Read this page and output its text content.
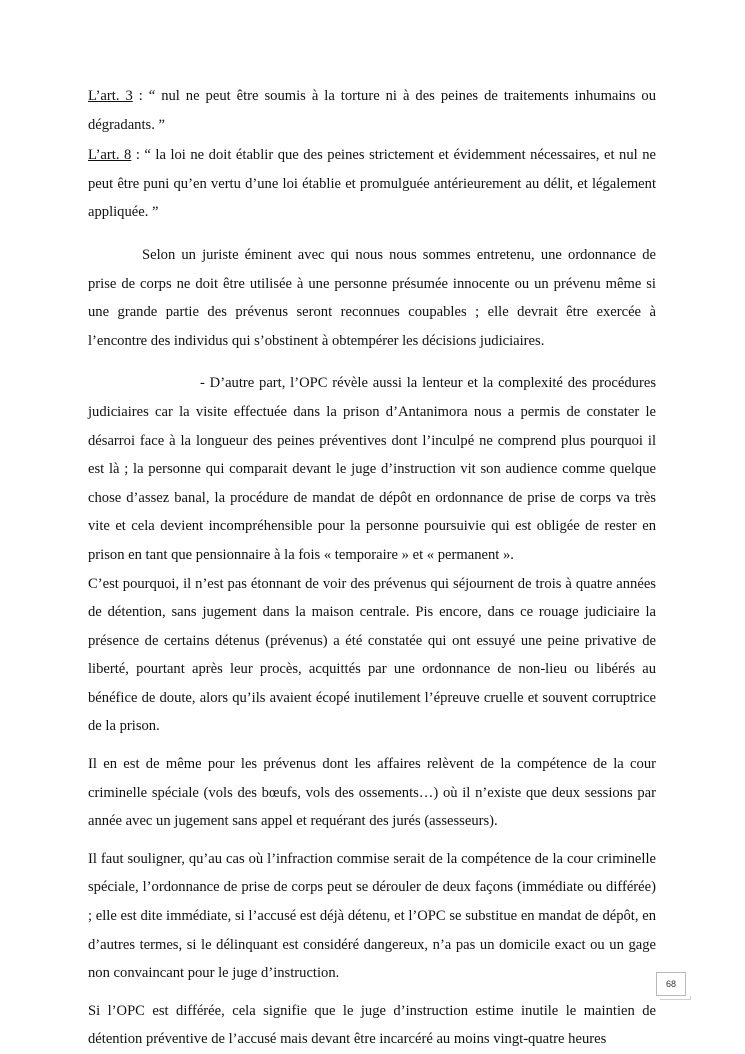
L’art. 3 : “ nul ne peut être soumis à la torture ni à des peines de traitements inhumains ou dégradants. ”

L’art. 8 : “ la loi ne doit établir que des peines strictement et évidemment nécessaires, et nul ne peut être puni qu’en vertu d’une loi établie et promulguée antérieurement au délit, et légalement appliquée. ”

Selon un juriste éminent avec qui nous nous sommes entretenu, une ordonnance de prise de corps ne doit être utilisée à une personne présumée innocente ou un prévenu même si une grande partie des prévenus seront reconnues coupables ; elle devrait être exercée à l’encontre des individus qui s’obstinent à obtempérer les décisions judiciaires.

- D’autre part, l’OPC révèle aussi la lenteur et la complexité des procédures judiciaires car la visite effectuée dans la prison d’Antanimora nous a permis de constater le désarroi face à la longueur des peines préventives dont l’inculpé ne comprend plus pourquoi il est là ; la personne qui comparait devant le juge d’instruction vit son audience comme quelque chose d’assez banal, la procédure de mandat de dépôt en ordonnance de prise de corps va très vite et cela devient incompréhensible pour la personne poursuivie qui est obligée de rester en prison en tant que pensionnaire à la fois « temporaire » et « permanent ».

C’est pourquoi, il n’est pas étonnant de voir des prévenus qui séjournent de trois à quatre années de détention, sans jugement dans la maison centrale. Pis encore, dans ce rouage judiciaire la présence de certains détenus (prévenus) a été constatée qui ont essuyé une peine privative de liberté, pourtant après leur procès, acquittés par une ordonnance de non-lieu ou libérés au bénéfice de doute, alors qu’ils avaient écopé inutilement l’épreuve cruelle et souvent corruptrice de la prison.

Il en est de même pour les prévenus dont les affaires relèvent de la compétence de la cour criminelle spéciale (vols des bœufs, vols des ossements…) où il n’existe que deux sessions par année avec un jugement sans appel et requérant des jurés (assesseurs).

Il faut souligner, qu’au cas où l’infraction commise serait de la compétence de la cour criminelle spéciale, l’ordonnance de prise de corps peut se dérouler de deux façons (immédiate ou différée) ; elle est dite immédiate, si l’accusé est déjà détenu, et l’OPC se substitue en mandat de dépôt, en d’autres termes, si le délinquant est considéré dangereux, n’a pas un domicile exact ou un gage non convaincant pour le juge d’instruction.

Si l’OPC est différée, cela signifie que le juge d’instruction estime inutile le maintien de détention préventive de l’accusé mais devant être incarcéré au moins vingt-quatre heures

68
